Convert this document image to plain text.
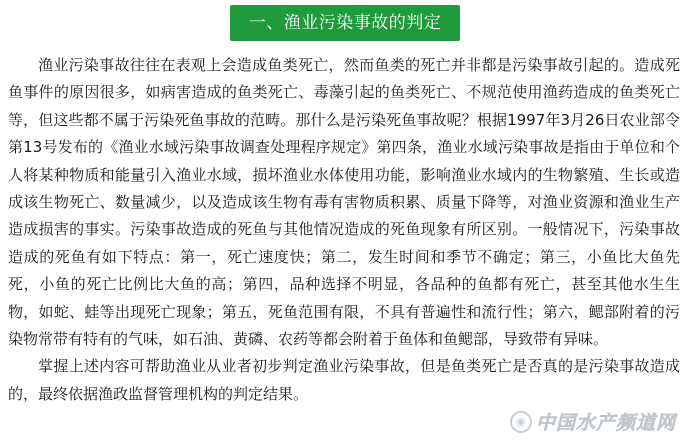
一、渔业污染事故的判定

渔业污染事故往往在表观上会造成鱼类死亡，然而鱼类的死亡并非都是污染事故引起的。造成死鱼事件的原因很多，如病害造成的鱼类死亡、毒藻引起的鱼类死亡、不规范使用渔药造成的鱼类死亡等，但这些都不属于污染死鱼事故的范畴。那什么是污染死鱼事故呢？根据1997年3月26日农业部令第13号发布的《渔业水域污染事故调查处理程序规定》第四条，渔业水域污染事故是指由于单位和个人将某种物质和能量引入渔业水域，损坏渔业水体使用功能，影响渔业水域内的生物繁殖、生长或造成该生物死亡、数量减少，以及造成该生物有毒有害物质积累、质量下降等，对渔业资源和渔业生产造成损害的事实。污染事故造成的死鱼与其他情况造成的死鱼现象有所区别。一般情况下，污染事故造成的死鱼有如下特点：第一，死亡速度快；第二，发生时间和季节不确定；第三，小鱼比大鱼先死，小鱼的死亡比例比大鱼的高；第四，品种选择不明显，各品种的鱼都有死亡，甚至其他水生生物，如蛇、蛙等出现死亡现象；第五，死鱼范围有限，不具有普遍性和流行性；第六，鳃部附着的污染物常带有特有的气味，如石油、黄磷、农药等都会附着于鱼体和鱼鳃部，导致带有异味。

掌握上述内容可帮助渔业从业者初步判定渔业污染事故，但是鱼类死亡是否真的是污染事故造成的，最终依据渔政监督管理机构的判定结果。

◉ 中国水产频道网
